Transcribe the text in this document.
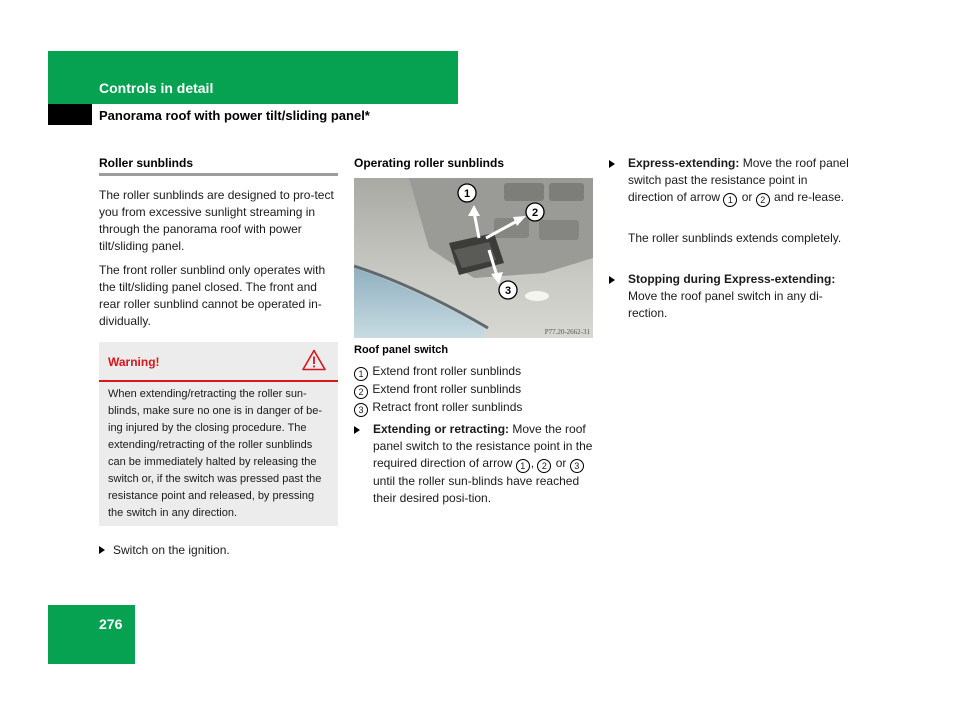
Controls in detail
Panorama roof with power tilt/sliding panel*
Roller sunblinds
The roller sunblinds are designed to pro-tect you from excessive sunlight streaming in through the panorama roof with power tilt/sliding panel.
The front roller sunblind only operates with the tilt/sliding panel closed. The front and rear roller sunblind cannot be operated in-dividually.
Warning!
When extending/retracting the roller sun-blinds, make sure no one is in danger of be-ing injured by the closing procedure. The extending/retracting of the roller sunblinds can be immediately halted by releasing the switch or, if the switch was pressed past the resistance point and released, by pressing the switch in any direction.
Switch on the ignition.
Operating roller sunblinds
1
2
3
P77.20-2662-31
Roof panel switch
1 Extend front roller sunblinds
2 Extend front roller sunblinds
3 Retract front roller sunblinds
Extending or retracting: Move the roof panel switch to the resistance point in the required direction of arrow 1 , 2 or 3 until the roller sun-blinds have reached their desired posi-tion.
Express-extending: Move the roof panel switch past the resistance point in direction of arrow 1 or 2 and re-lease.
The roller sunblinds extends completely.
Stopping during Express-extending: Move the roof panel switch in any di-rection.
276
